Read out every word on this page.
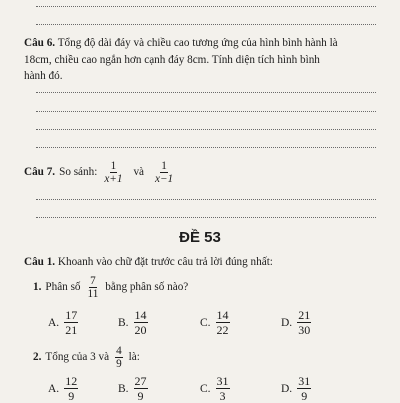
Câu 6. Tổng độ dài đáy và chiều cao tương ứng của hình bình hành là
18cm, chiều cao ngắn hơn cạnh đáy 8cm. Tính diện tích hình bình
hành đó.
Câu 7. So sánh: $\frac{1}{x+1}$ và $\frac{1}{x-1}$
ĐỀ 53
Câu 1. Khoanh vào chữ đặt trước câu trả lời đúng nhất:
1. Phân số $\frac{7}{11}$ bằng phân số nào?
A. $\frac{17}{21}$	B. $\frac{14}{20}$	C. $\frac{14}{22}$	D. $\frac{21}{30}$
2. Tổng của 3 và $\frac{4}{9}$ là:
A. $\frac{12}{9}$	B. $\frac{27}{9}$	C. $\frac{31}{3}$	D. $\frac{31}{9}$
